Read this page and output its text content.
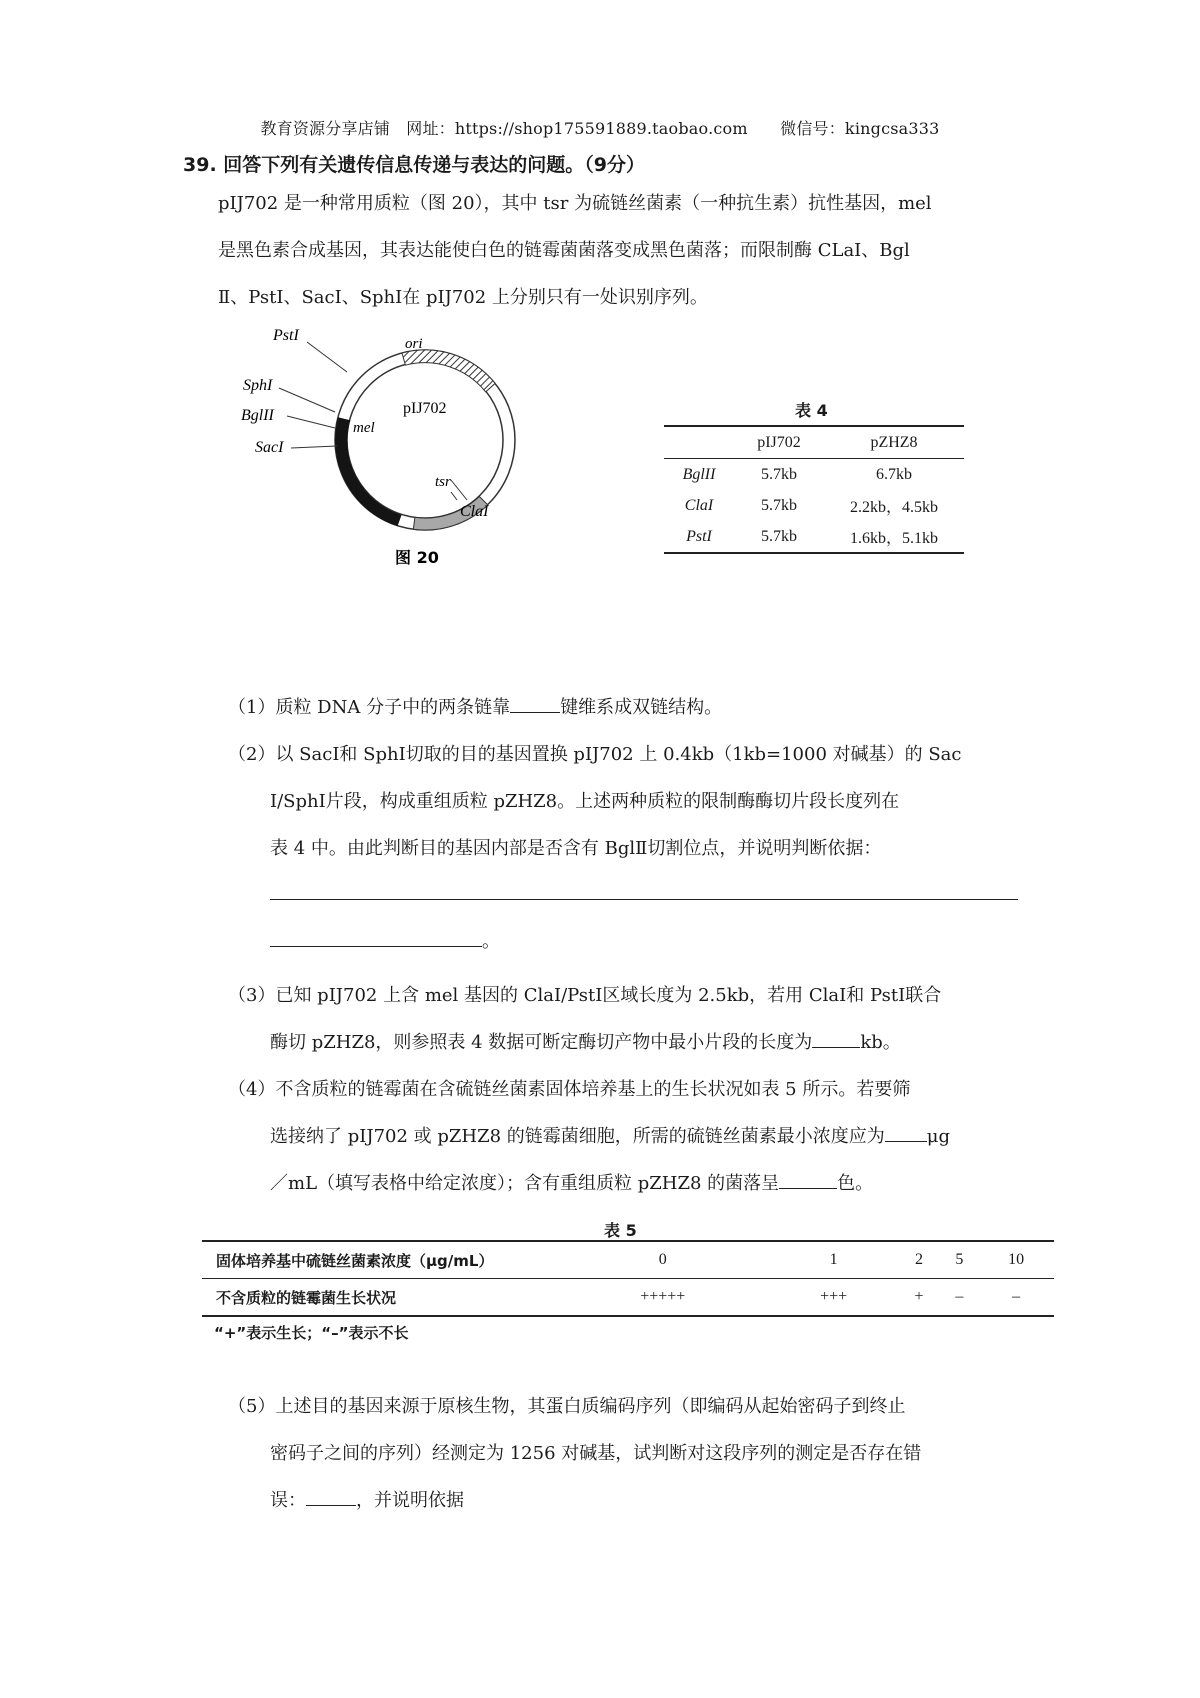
教育资源分享店铺　网址：https://shop175591889.taobao.com　　微信号：kingcsa333
39. 回答下列有关遗传信息传递与表达的问题。（9分）
pIJ702 是一种常用质粒（图 20），其中 tsr 为硫链丝菌素（一种抗生素）抗性基因，mel
是黑色素合成基因，其表达能使白色的链霉菌菌落变成黑色菌落；而限制酶 CLaⅠ、Bgl
Ⅱ、PstⅠ、SacⅠ、SphⅠ在 pIJ702 上分别只有一处识别序列。
PstI	ori
SphI
BglII
SacI
pIJ702
mel
tsr
ClaI
图 20
表 4
	pIJ702	pZHZ8
BglII	5.7kb	6.7kb
ClaI	5.7kb	2.2kb，4.5kb
PstI	5.7kb	1.6kb，5.1kb
（1）质粒 DNA 分子中的两条链靠	键维系成双链结构。
（2）以 SacⅠ和 SphⅠ切取的目的基因置换 pIJ702 上 0.4kb（1kb=1000 对碱基）的 Sac
Ⅰ/SphⅠ片段，构成重组质粒 pZHZ8。上述两种质粒的限制酶酶切片段长度列在
表 4 中。由此判断目的基因内部是否含有 BglⅡ切割位点，并说明判断依据：
。
（3）已知 pIJ702 上含 mel 基因的 ClaⅠ/PstⅠ区域长度为 2.5kb，若用 ClaⅠ和 PstⅠ联合
酶切 pZHZ8，则参照表 4 数据可断定酶切产物中最小片段的长度为	kb。
（4）不含质粒的链霉菌在含硫链丝菌素固体培养基上的生长状况如表 5 所示。若要筛
选接纳了 pIJ702 或 pZHZ8 的链霉菌细胞，所需的硫链丝菌素最小浓度应为 μg
／mL（填写表格中给定浓度）；含有重组质粒 pZHZ8 的菌落呈	色。
表 5
固体培养基中硫链丝菌素浓度（μg/mL）	0	1	2	5	10
不含质粒的链霉菌生长状况	+++++	+++	+	–	–
“+”表示生长；“–”表示不长
（5）上述目的基因来源于原核生物，其蛋白质编码序列（即编码从起始密码子到终止
密码子之间的序列）经测定为 1256 对碱基，试判断对这段序列的测定是否存在错
误：	，并说明依据
